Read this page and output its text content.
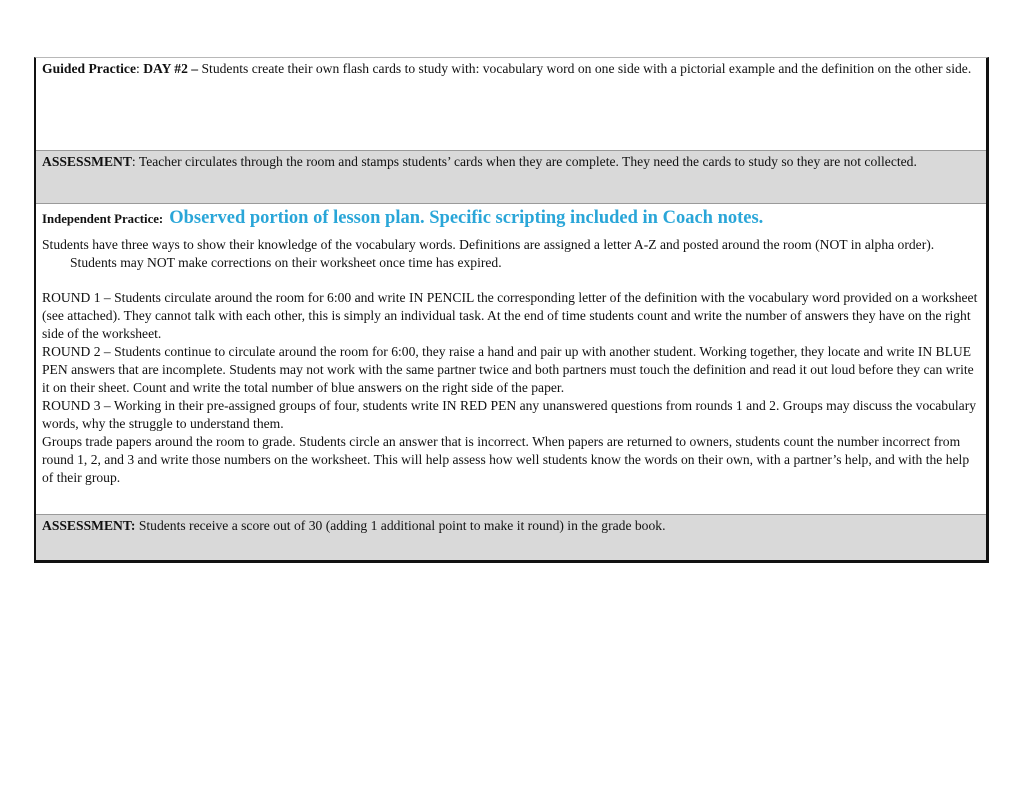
Guided Practice: DAY #2 – Students create their own flash cards to study with: vocabulary word on one side with a pictorial example and the definition on the other side.

ASSESSMENT: Teacher circulates through the room and stamps students’ cards when they are complete. They need the cards to study so they are not collected.

Independent Practice: Observed portion of lesson plan. Specific scripting included in Coach notes.

Students have three ways to show their knowledge of the vocabulary words. Definitions are assigned a letter A-Z and posted around the room (NOT in alpha order). Students may NOT make corrections on their worksheet once time has expired.

ROUND 1 – Students circulate around the room for 6:00 and write IN PENCIL the corresponding letter of the definition with the vocabulary word provided on a worksheet (see attached). They cannot talk with each other, this is simply an individual task. At the end of time students count and write the number of answers they have on the right side of the worksheet.

ROUND 2 – Students continue to circulate around the room for 6:00, they raise a hand and pair up with another student. Working together, they locate and write IN BLUE PEN answers that are incomplete. Students may not work with the same partner twice and both partners must touch the definition and read it out loud before they can write it on their sheet. Count and write the total number of blue answers on the right side of the paper.

ROUND 3 – Working in their pre-assigned groups of four, students write IN RED PEN any unanswered questions from rounds 1 and 2. Groups may discuss the vocabulary words, why the struggle to understand them.

Groups trade papers around the room to grade. Students circle an answer that is incorrect. When papers are returned to owners, students count the number incorrect from round 1, 2, and 3 and write those numbers on the worksheet. This will help assess how well students know the words on their own, with a partner’s help, and with the help of their group.

ASSESSMENT: Students receive a score out of 30 (adding 1 additional point to make it round) in the grade book.
